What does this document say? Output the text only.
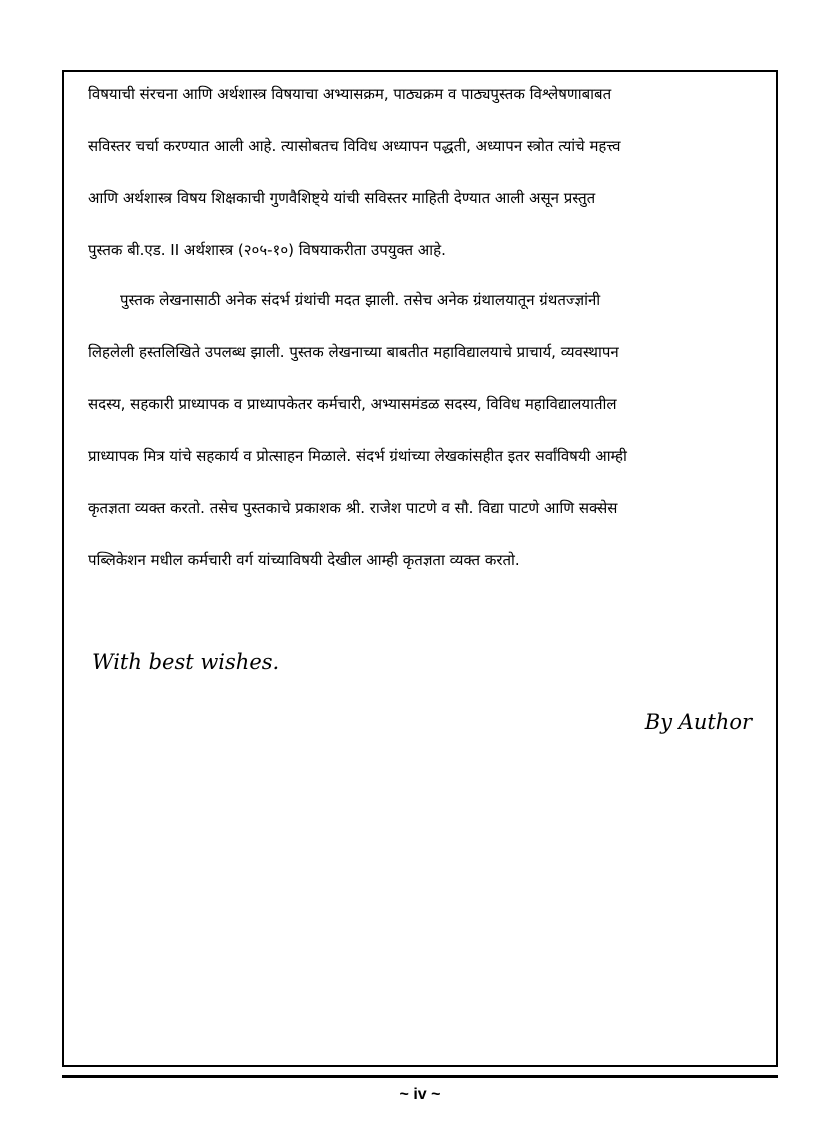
विषयाची संरचना आणि अर्थशास्त्र विषयाचा अभ्यासक्रम, पाठ्यक्रम व पाठ्यपुस्तक विश्लेषणाबाबत
सविस्तर चर्चा करण्यात आली आहे. त्यासोबतच विविध अध्यापन पद्धती, अध्यापन स्त्रोत त्यांचे महत्त्व
आणि अर्थशास्त्र विषय शिक्षकाची गुणवैशिष्ट्ये यांची सविस्तर माहिती देण्यात आली असून प्रस्तुत
पुस्तक बी.एड. II अर्थशास्त्र (२०५-१०) विषयाकरीता उपयुक्त आहे.
पुस्तक लेखनासाठी अनेक संदर्भ ग्रंथांची मदत झाली. तसेच अनेक ग्रंथालयातून ग्रंथतज्ज्ञांनी
लिहलेली हस्तलिखिते उपलब्ध झाली. पुस्तक लेखनाच्या बाबतीत महाविद्यालयाचे प्राचार्य, व्यवस्थापन
सदस्य, सहकारी प्राध्यापक व प्राध्यापकेतर कर्मचारी, अभ्यासमंडळ सदस्य, विविध महाविद्यालयातील
प्राध्यापक मित्र यांचे सहकार्य व प्रोत्साहन मिळाले. संदर्भ ग्रंथांच्या लेखकांसहीत इतर सर्वांविषयी आम्ही
कृतज्ञता व्यक्त करतो. तसेच पुस्तकाचे प्रकाशक श्री. राजेश पाटणे व सौ. विद्या पाटणे आणि सक्सेस
पब्लिकेशन मधील कर्मचारी वर्ग यांच्याविषयी देखील आम्ही कृतज्ञता व्यक्त करतो.
With best wishes.
By Author
~ iv ~
